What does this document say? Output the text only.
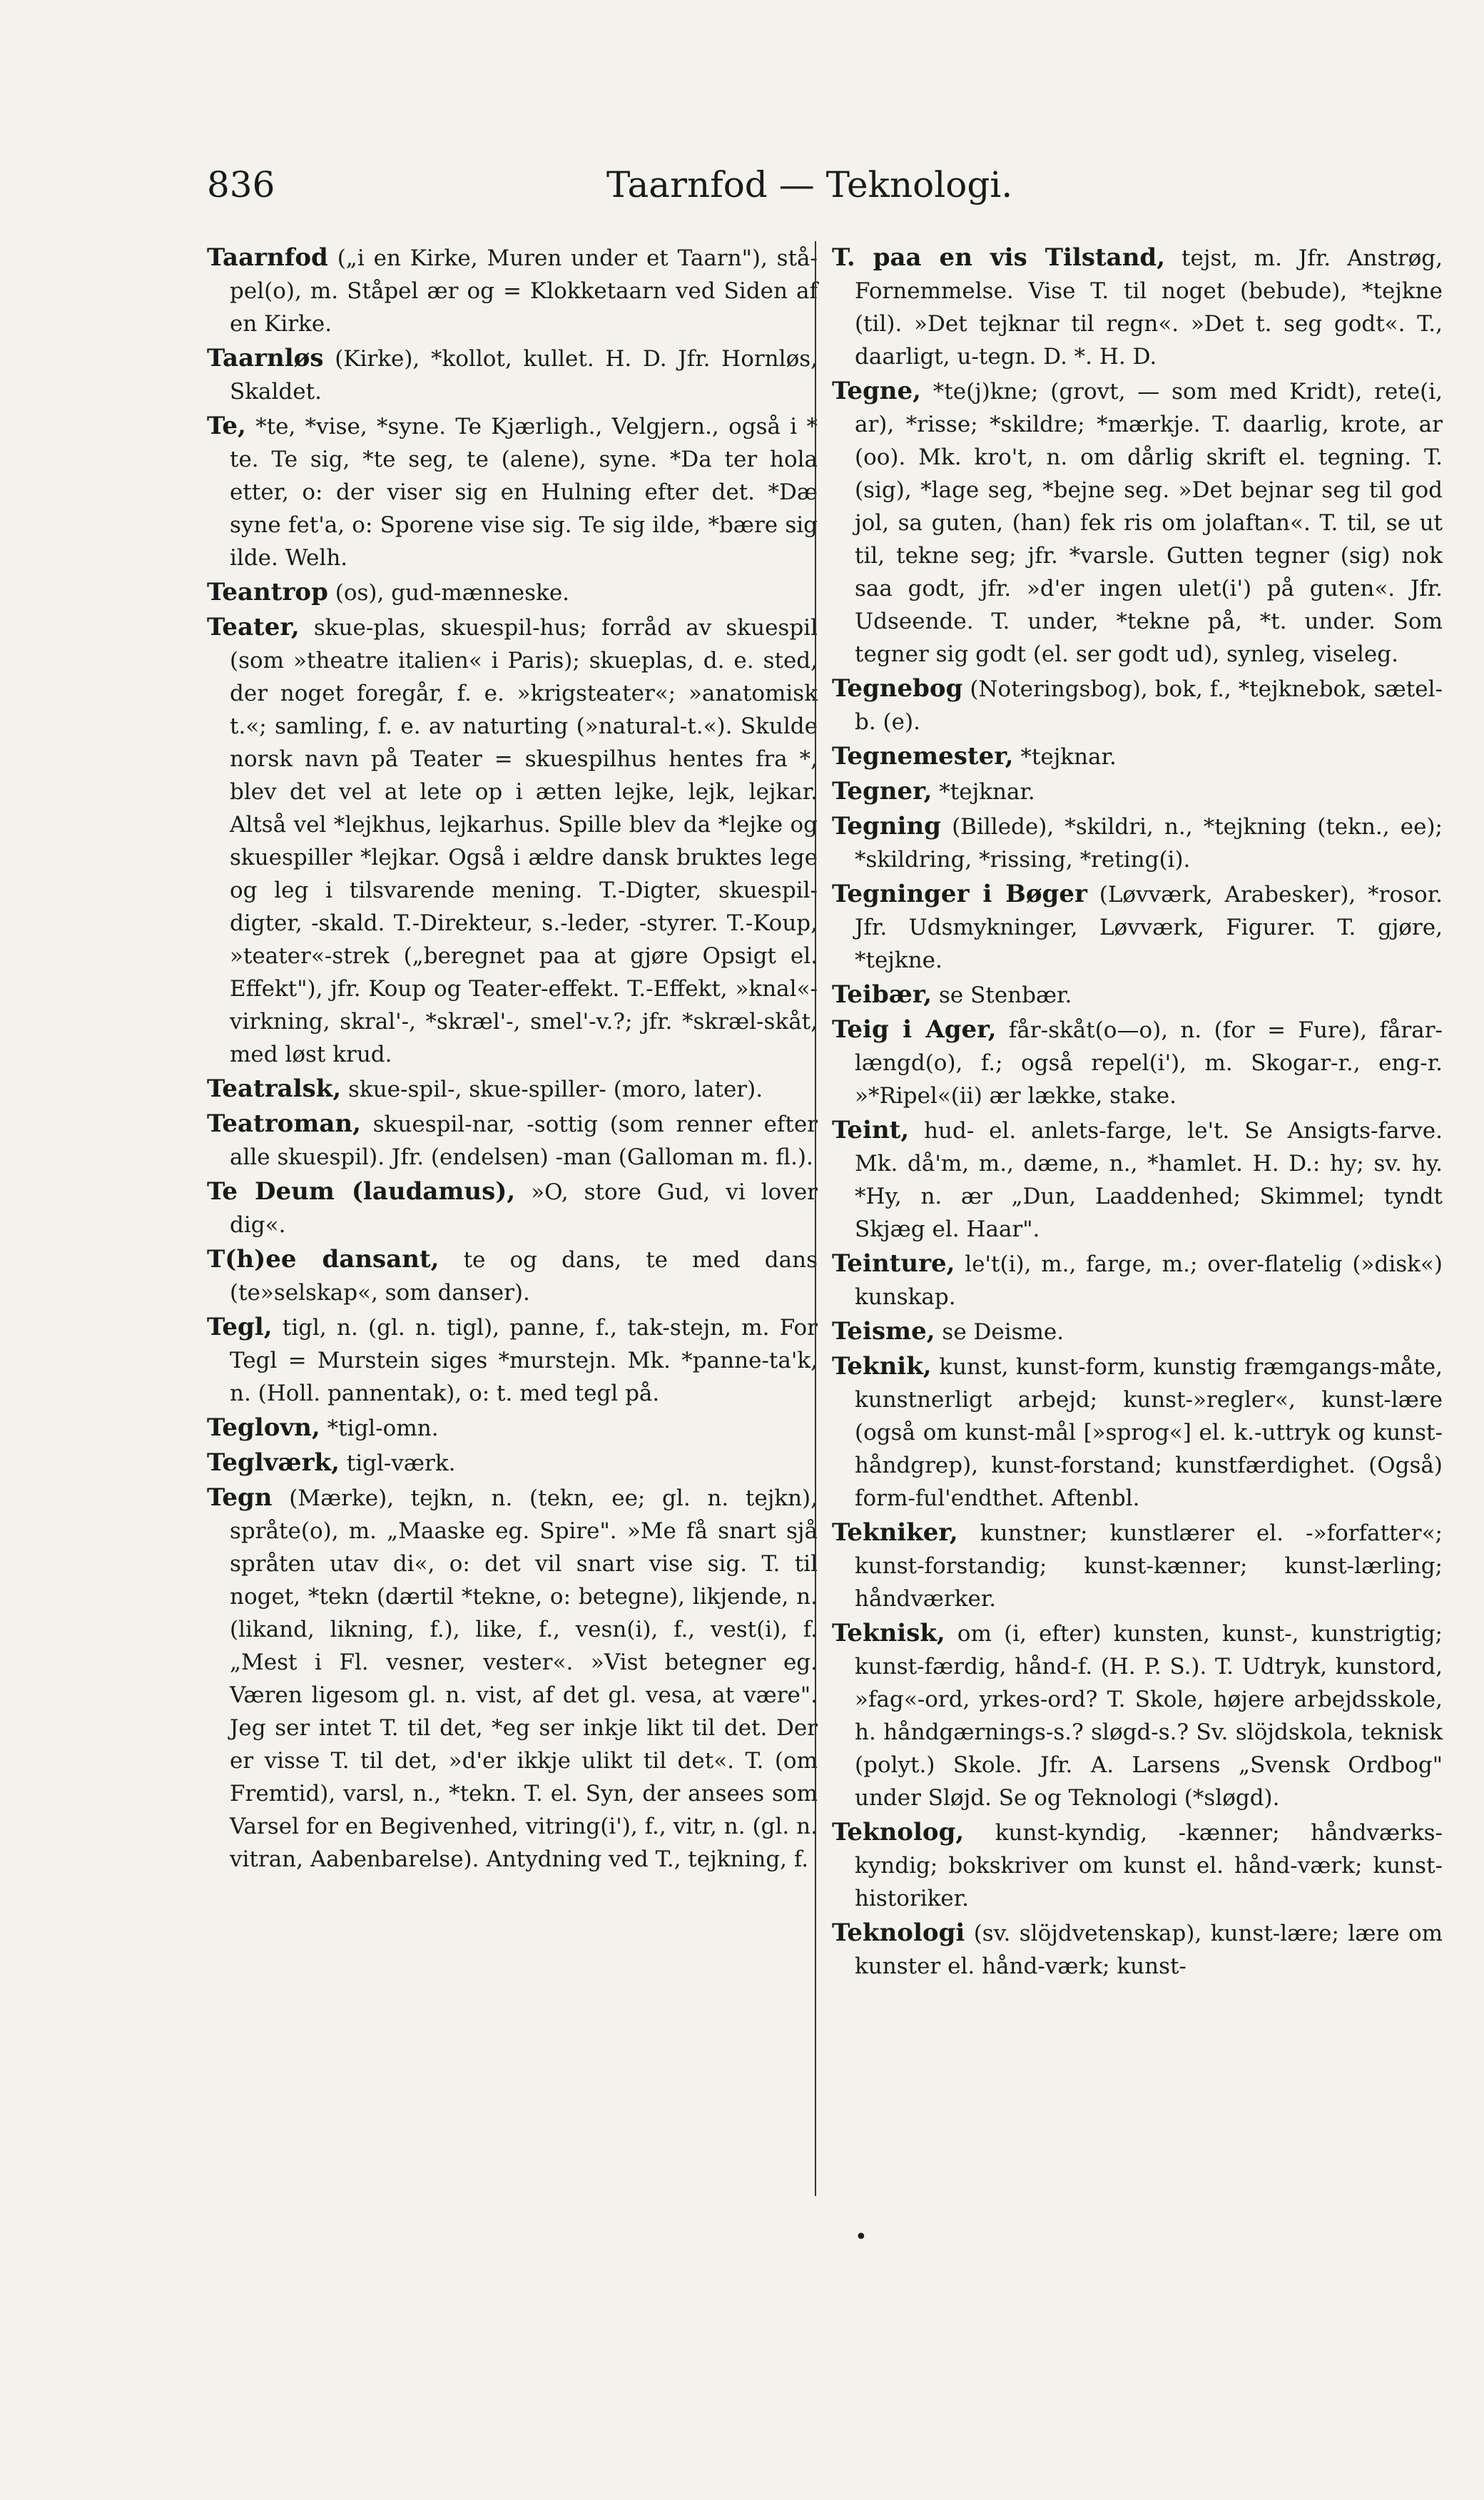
836	Taarnfod — Teknologi.

Taarnfod („i en Kirke, Muren under et Taarn"), ståpel(o), m. Ståpel ær og = Klokketaarn ved Siden af en Kirke.

Taarnløs (Kirke), *kollot, kullet. H. D. Jfr. Hornløs, Skaldet.

Te, *te, *vise, *syne. Te Kjærligh., Velgjern., også i * te. Te sig, *te seg, te (alene), syne. *Da ter hola etter, o: der viser sig en Hulning efter det. *Dæ syne fet'a, o: Sporene vise sig. Te sig ilde, *bære sig ilde. Welh.

Teantrop (os), gud-mænneske.

Teater, skue-plas, skuespil-hus; forråd av skuespil (som »theatre italien« i Paris); skueplas, d. e. sted, der noget foregår, f. e. »krigsteater«; »anatomisk t.«; samling, f. e. av naturting (»natural-t.«). Skulde norsk navn på Teater = skuespilhus hentes fra *, blev det vel at lete op i ætten lejke, lejk, lejkar. Altså vel *lejkhus, lejkarhus. Spille blev da *lejke og skuespiller *lejkar. Også i ældre dansk bruktes lege og leg i tilsvarende mening. T.-Digter, skuespil-digter, -skald. T.-Direkteur, s.-leder, -styrer. T.-Koup, »teater«-strek („beregnet paa at gjøre Opsigt el. Effekt"), jfr. Koup og Teater-effekt. T.-Effekt, »knal«-virkning, skral'-, *skræl'-, smel'-v.?; jfr. *skræl-skåt, med løst krud.

Teatralsk, skue-spil-, skue-spiller- (moro, later).

Teatroman, skuespil-nar, -sottig (som renner efter alle skuespil). Jfr. (endelsen) -man (Galloman m. fl.).

Te Deum (laudamus), »O, store Gud, vi lover dig«.

T(h)ee dansant, te og dans, te med dans (te»selskap«, som danser).

Tegl, tigl, n. (gl. n. tigl), panne, f., tak-stejn, m. For Tegl = Murstein siges *murstejn. Mk. *panne-ta'k, n. (Holl. pannentak), o: t. med tegl på.

Teglovn, *tigl-omn.

Teglværk, tigl-værk.

Tegn (Mærke), tejkn, n. (tekn, ee; gl. n. tejkn), språte(o), m. „Maaske eg. Spire". »Me få snart sjå språten utav di«, o: det vil snart vise sig. T. til noget, *tekn (dærtil *tekne, o: betegne), likjende, n. (likand, likning, f.), like, f., vesn(i), f., vest(i), f. „Mest i Fl. vesner, vester«. »Vist betegner eg. Væren ligesom gl. n. vist, af det gl. vesa, at være". Jeg ser intet T. til det, *eg ser inkje likt til det. Der er visse T. til det, »d'er ikkje ulikt til det«. T. (om Fremtid), varsl, n., *tekn. T. el. Syn, der ansees som Varsel for en Begivenhed, vitring(i'), f., vitr, n. (gl. n. vitran, Aabenbarelse). Antydning ved T., tejkning, f.

T. paa en vis Tilstand, tejst, m. Jfr. Anstrøg, Fornemmelse. Vise T. til noget (bebude), *tejkne (til). »Det tejknar til regn«. »Det t. seg godt«. T., daarligt, u-tegn. D. *. H. D.

Tegne, *te(j)kne; (grovt, — som med Kridt), rete(i, ar), *risse; *skildre; *mærkje. T. daarlig, krote, ar (oo). Mk. kro't, n. om dårlig skrift el. tegning. T. (sig), *lage seg, *bejne seg. »Det bejnar seg til god jol, sa guten, (han) fek ris om jolaftan«. T. til, se ut til, tekne seg; jfr. *varsle. Gutten tegner (sig) nok saa godt, jfr. »d'er ingen ulet(i') på guten«. Jfr. Udseende. T. under, *tekne på, *t. under. Som tegner sig godt (el. ser godt ud), synleg, viseleg.

Tegnebog (Noteringsbog), bok, f., *tejknebok, sætel-b. (e).

Tegnemester, *tejknar.

Tegner, *tejknar.

Tegning (Billede), *skildri, n., *tejkning (tekn., ee); *skildring, *rissing, *reting(i).

Tegninger i Bøger (Løvværk, Arabesker), *rosor. Jfr. Udsmykninger, Løvværk, Figurer. T. gjøre, *tejkne.

Teibær, se Stenbær.

Teig i Ager, får-skåt(o—o), n. (for = Fure), fårar-længd(o), f.; også repel(i'), m. Skogar-r., eng-r. »*Ripel«(ii) ær lække, stake.

Teint, hud- el. anlets-farge, le't. Se Ansigts-farve. Mk. då'm, m., dæme, n., *hamlet. H. D.: hy; sv. hy. *Hy, n. ær „Dun, Laaddenhed; Skimmel; tyndt Skjæg el. Haar".

Teinture, le't(i), m., farge, m.; over-flatelig (»disk«) kunskap.

Teisme, se Deisme.

Teknik, kunst, kunst-form, kunstig fræmgangs-måte, kunstnerligt arbejd; kunst-»regler«, kunst-lære (også om kunst-mål [»sprog«] el. k.-uttryk og kunst-håndgrep), kunst-forstand; kunstfærdighet. (Også) form-ful'endthet. Aftenbl.

Tekniker, kunstner; kunstlærer el. -»forfatter«; kunst-forstandig; kunst-kænner; kunst-lærling; håndværker.

Teknisk, om (i, efter) kunsten, kunst-, kunstrigtig; kunst-færdig, hånd-f. (H. P. S.). T. Udtryk, kunstord, »fag«-ord, yrkes-ord? T. Skole, højere arbejdsskole, h. håndgærnings-s.? sløgd-s.? Sv. slöjdskola, teknisk (polyt.) Skole. Jfr. A. Larsens „Svensk Ordbog" under Sløjd. Se og Teknologi (*sløgd).

Teknolog, kunst-kyndig, -kænner; håndværks-kyndig; bokskriver om kunst el. hånd-værk; kunst-historiker.

Teknologi (sv. slöjdvetenskap), kunst-lære; lære om kunster el. hånd-værk; kunst-

•
